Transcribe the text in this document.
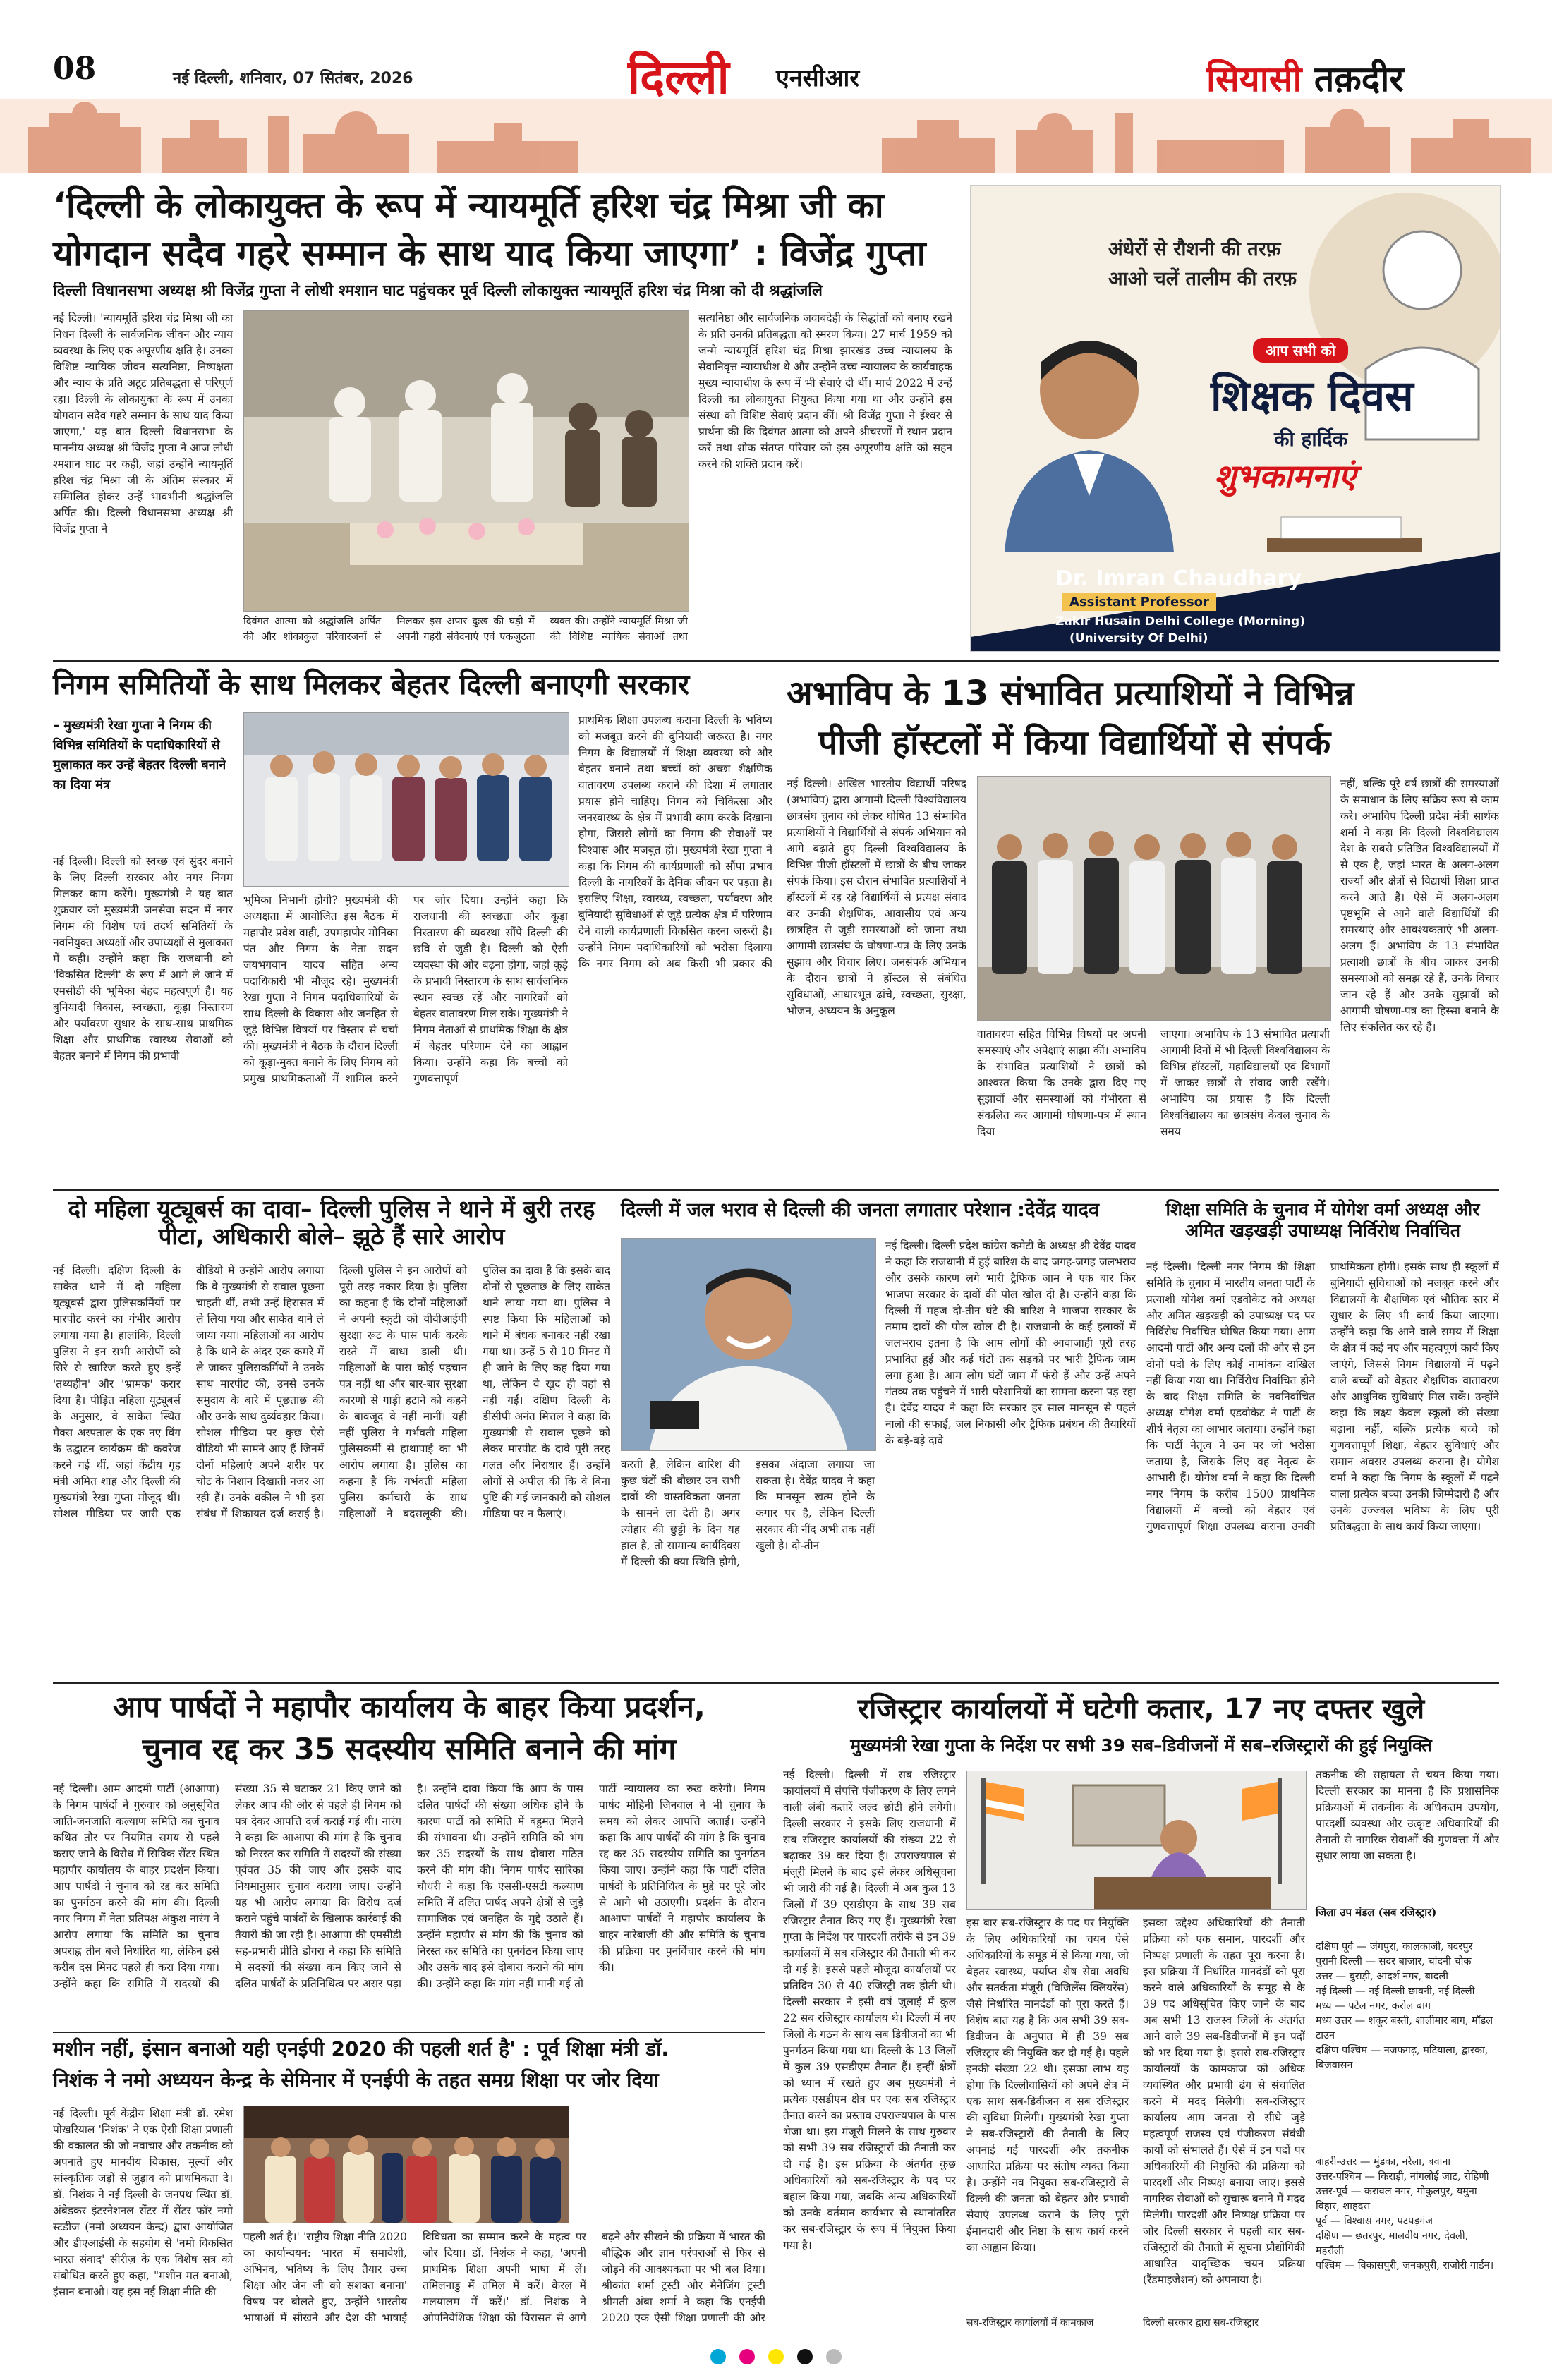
08	नई दिल्ली, शनिवार, 07 सितंबर, 2026	दिल्ली एनसीआर	सियासी तक़दीर
‘दिल्ली के लोकायुक्त के रूप में न्यायमूर्ति हरिश चंद्र मिश्रा जी का
योगदान सदैव गहरे सम्मान के साथ याद किया जाएगा’ : विजेंद्र गुप्ता
दिल्ली विधानसभा अध्यक्ष श्री विजेंद्र गुप्ता ने लोधी श्मशान घाट पहुंचकर पूर्व दिल्ली लोकायुक्त न्यायमूर्ति हरिश चंद्र मिश्रा को दी श्रद्धांजलि
नई दिल्ली। 'न्यायमूर्ति हरिश चंद्र मिश्रा जी का निधन दिल्ली के सार्वजनिक जीवन और न्याय व्यवस्था के लिए एक अपूरणीय क्षति है। उनका विशिष्ट न्यायिक जीवन सत्यनिष्ठा, निष्पक्षता और न्याय के प्रति अटूट प्रतिबद्धता से परिपूर्ण रहा। दिल्ली के लोकायुक्त के रूप में उनका योगदान सदैव गहरे सम्मान के साथ याद किया जाएगा,' यह बात दिल्ली विधानसभा के माननीय अध्यक्ष श्री विजेंद्र गुप्ता ने आज लोधी श्मशान घाट पर कही, जहां उन्होंने न्यायमूर्ति हरिश चंद्र मिश्रा जी के अंतिम संस्कार में सम्मिलित होकर उन्हें भावभीनी श्रद्धांजलि अर्पित की। दिल्ली विधानसभा अध्यक्ष श्री विजेंद्र गुप्ता ने
दिवंगत आत्मा को श्रद्धांजलि अर्पित की और शोकाकुल परिवारजनों से मिलकर इस अपार दुःख की घड़ी में अपनी गहरी संवेदनाएं एवं एकजुटता व्यक्त की। उन्होंने न्यायमूर्ति मिश्रा जी की विशिष्ट न्यायिक सेवाओं तथा
सत्यनिष्ठा और सार्वजनिक जवाबदेही के सिद्धांतों को बनाए रखने के प्रति उनकी प्रतिबद्धता को स्मरण किया। 27 मार्च 1959 को जन्मे न्यायमूर्ति हरिश चंद्र मिश्रा झारखंड उच्च न्यायालय के सेवानिवृत्त न्यायाधीश थे और उन्होंने उच्च न्यायालय के कार्यवाहक मुख्य न्यायाधीश के रूप में भी सेवाएं दी थीं। मार्च 2022 में उन्हें दिल्ली का लोकायुक्त नियुक्त किया गया था और उन्होंने इस संस्था को विशिष्ट सेवाएं प्रदान कीं। श्री विजेंद्र गुप्ता ने ईश्वर से प्रार्थना की कि दिवंगत आत्मा को अपने श्रीचरणों में स्थान प्रदान करें तथा शोक संतप्त परिवार को इस अपूरणीय क्षति को सहन करने की शक्ति प्रदान करें।
अंधेरों से रौशनी की तरफ़
आओ चलें तालीम की तरफ़
आप सभी को
शिक्षक दिवस
की हार्दिक
शुभकामनाएं
Dr. Imran Chaudhary
Assistant Professor
Zakir Husain Delhi College (Morning)
(University Of Delhi)
निगम समितियों के साथ मिलकर बेहतर दिल्ली बनाएगी सरकार
– मुख्यमंत्री रेखा गुप्ता ने निगम की विभिन्न समितियों के पदाधिकारियों से मुलाकात कर उन्हें बेहतर दिल्ली बनाने का दिया मंत्र
प्राथमिक शिक्षा उपलब्ध कराना दिल्ली के भविष्य को मजबूत करने की बुनियादी जरूरत है। नगर निगम के विद्यालयों में शिक्षा व्यवस्था को और बेहतर बनाने तथा बच्चों को अच्छा शैक्षणिक वातावरण उपलब्ध कराने की दिशा में लगातार प्रयास होने चाहिए। निगम को चिकित्सा और जनस्वास्थ्य के क्षेत्र में प्रभावी काम करके दिखाना होगा, जिससे लोगों का निगम की सेवाओं पर विश्वास और मजबूत हो। मुख्यमंत्री रेखा गुप्ता ने कहा कि निगम की कार्यप्रणाली को सौंपा प्रभाव दिल्ली के नागरिकों के दैनिक जीवन पर पड़ता है। इसलिए शिक्षा, स्वास्थ्य, स्वच्छता, पर्यावरण और बुनियादी सुविधाओं से जुड़े प्रत्येक क्षेत्र में परिणाम देने वाली कार्यप्रणाली विकसित करना जरूरी है। उन्होंने निगम पदाधिकारियों को भरोसा दिलाया कि नगर निगम को अब किसी भी प्रकार की
नई दिल्ली। दिल्ली को स्वच्छ एवं सुंदर बनाने के लिए दिल्ली सरकार और नगर निगम मिलकर काम करेंगे। मुख्यमंत्री ने यह बात शुक्रवार को मुख्यमंत्री जनसेवा सदन में नगर निगम की विशेष एवं तदर्थ समितियों के नवनियुक्त अध्यक्षों और उपाध्यक्षों से मुलाकात में कही। उन्होंने कहा कि राजधानी को 'विकसित दिल्ली' के रूप में आगे ले जाने में एमसीडी की भूमिका बेहद महत्वपूर्ण है। यह बुनियादी विकास, स्वच्छता, कूड़ा निस्तारण और पर्यावरण सुधार के साथ-साथ प्राथमिक शिक्षा और प्राथमिक स्वास्थ्य सेवाओं को बेहतर बनाने में निगम की प्रभावी
भूमिका निभानी होगी? मुख्यमंत्री की अध्यक्षता में आयोजित इस बैठक में महापौर प्रवेश वाही, उपमहापौर मोनिका पंत और निगम के नेता सदन जयभगवान यादव सहित अन्य पदाधिकारी भी मौजूद रहे। मुख्यमंत्री रेखा गुप्ता ने निगम पदाधिकारियों के साथ दिल्ली के विकास और जनहित से जुड़े विभिन्न विषयों पर विस्तार से चर्चा की। मुख्यमंत्री ने बैठक के दौरान दिल्ली को कूड़ा-मुक्त बनाने के लिए निगम को प्रमुख प्राथमिकताओं में शामिल करने पर जोर दिया। उन्होंने कहा कि राजधानी की स्वच्छता और कूड़ा निस्तारण की व्यवस्था सौंपे दिल्ली की छवि से जुड़ी है। दिल्ली को ऐसी व्यवस्था की ओर बढ़ना होगा, जहां कूड़े के प्रभावी निस्तारण के साथ सार्वजनिक स्थान स्वच्छ रहें और नागरिकों को बेहतर वातावरण मिल सके। मुख्यमंत्री ने निगम नेताओं से प्राथमिक शिक्षा के क्षेत्र में बेहतर परिणाम देने का आह्वान किया। उन्होंने कहा कि बच्चों को गुणवत्तापूर्ण
अभाविप के 13 संभावित प्रत्याशियों ने विभिन्न
पीजी हॉस्टलों में किया विद्यार्थियों से संपर्क
नई दिल्ली। अखिल भारतीय विद्यार्थी परिषद (अभाविप) द्वारा आगामी दिल्ली विश्वविद्यालय छात्रसंघ चुनाव को लेकर घोषित 13 संभावित प्रत्याशियों ने विद्यार्थियों से संपर्क अभियान को आगे बढ़ाते हुए दिल्ली विश्वविद्यालय के विभिन्न पीजी हॉस्टलों में छात्रों के बीच जाकर संपर्क किया। इस दौरान संभावित प्रत्याशियों ने हॉस्टलों में रह रहे विद्यार्थियों से प्रत्यक्ष संवाद कर उनकी शैक्षणिक, आवासीय एवं अन्य छात्रहित से जुड़ी समस्याओं को जाना तथा आगामी छात्रसंघ के घोषणा-पत्र के लिए उनके सुझाव और विचार लिए। जनसंपर्क अभियान के दौरान छात्रों ने हॉस्टल से संबंधित सुविधाओं, आधारभूत ढांचे, स्वच्छता, सुरक्षा, भोजन, अध्ययन के अनुकूल
नहीं, बल्कि पूरे वर्ष छात्रों की समस्याओं के समाधान के लिए सक्रिय रूप से काम करे। अभाविप दिल्ली प्रदेश मंत्री सार्थक शर्मा ने कहा कि दिल्ली विश्वविद्यालय देश के सबसे प्रतिष्ठित विश्वविद्यालयों में से एक है, जहां भारत के अलग-अलग राज्यों और क्षेत्रों से विद्यार्थी शिक्षा प्राप्त करने आते हैं। ऐसे में अलग-अलग पृष्ठभूमि से आने वाले विद्यार्थियों की समस्याएं और आवश्यकताएं भी अलग-अलग हैं। अभाविप के 13 संभावित प्रत्याशी छात्रों के बीच जाकर उनकी समस्याओं को समझ रहे हैं, उनके विचार जान रहे हैं और उनके सुझावों को आगामी घोषणा-पत्र का हिस्सा बनाने के लिए संकलित कर रहे हैं।
वातावरण सहित विभिन्न विषयों पर अपनी समस्याएं और अपेक्षाएं साझा कीं। अभाविप के संभावित प्रत्याशियों ने छात्रों को आश्वस्त किया कि उनके द्वारा दिए गए सुझावों और समस्याओं को गंभीरता से संकलित कर आगामी घोषणा-पत्र में स्थान दिया
जाएगा। अभाविप के 13 संभावित प्रत्याशी आगामी दिनों में भी दिल्ली विश्वविद्यालय के विभिन्न हॉस्टलों, महाविद्यालयों एवं विभागों में जाकर छात्रों से संवाद जारी रखेंगे। अभाविप का प्रयास है कि दिल्ली विश्वविद्यालय का छात्रसंघ केवल चुनाव के समय
दो महिला यूट्यूबर्स का दावा– दिल्ली पुलिस ने थाने में बुरी तरह पीटा, अधिकारी बोले– झूठे हैं सारे आरोप
नई दिल्ली। दक्षिण दिल्ली के साकेत थाने में दो महिला यूट्यूबर्स द्वारा पुलिसकर्मियों पर मारपीट करने का गंभीर आरोप लगाया गया है। हालांकि, दिल्ली पुलिस ने इन सभी आरोपों को सिरे से खारिज करते हुए इन्हें 'तथ्यहीन' और 'भ्रामक' करार दिया है। पीड़ित महिला यूट्यूबर्स के अनुसार, वे साकेत स्थित मैक्स अस्पताल के एक नए विंग के उद्घाटन कार्यक्रम की कवरेज करने गई थीं, जहां केंद्रीय गृह मंत्री अमित शाह और दिल्ली की मुख्यमंत्री रेखा गुप्ता मौजूद थीं। सोशल मीडिया पर जारी एक वीडियो में उन्होंने आरोप लगाया कि वे मुख्यमंत्री से सवाल पूछना चाहती थीं, तभी उन्हें हिरासत में ले लिया गया और साकेत थाने ले जाया गया। महिलाओं का आरोप है कि थाने के अंदर एक कमरे में ले जाकर पुलिसकर्मियों ने उनके साथ मारपीट की, उनसे उनके समुदाय के बारे में पूछताछ की और उनके साथ दुर्व्यवहार किया। सोशल मीडिया पर कुछ ऐसे वीडियो भी सामने आए हैं जिनमें दोनों महिलाएं अपने शरीर पर चोट के निशान दिखाती नजर आ रही हैं। उनके वकील ने भी इस संबंध में शिकायत दर्ज कराई है। दिल्ली पुलिस ने इन आरोपों को पूरी तरह नकार दिया है। पुलिस का कहना है कि दोनों महिलाओं ने अपनी स्कूटी को वीवीआईपी सुरक्षा रूट के पास पार्क करके रास्ते में बाधा डाली थी। महिलाओं के पास कोई पहचान पत्र नहीं था और बार-बार सुरक्षा कारणों से गाड़ी हटाने को कहने के बावजूद वे नहीं मानीं। यही नहीं पुलिस ने गर्भवती महिला पुलिसकर्मी से हाथापाई का भी आरोप लगाया है। पुलिस का कहना है कि गर्भवती महिला पुलिस कर्मचारी के साथ महिलाओं ने बदसलूकी की। पुलिस का दावा है कि इसके बाद दोनों से पूछताछ के लिए साकेत थाने लाया गया था। पुलिस ने स्पष्ट किया कि महिलाओं को थाने में बंधक बनाकर नहीं रखा गया था। उन्हें 5 से 10 मिनट में ही जाने के लिए कह दिया गया था, लेकिन वे खुद ही वहां से नहीं गईं। दक्षिण दिल्ली के डीसीपी अनंत मित्तल ने कहा कि मुख्यमंत्री से सवाल पूछने को लेकर मारपीट के दावे पूरी तरह गलत और निराधार हैं। उन्होंने लोगों से अपील की कि वे बिना पुष्टि की गई जानकारी को सोशल मीडिया पर न फैलाएं।
दिल्ली में जल भराव से दिल्ली की जनता लगातार परेशान :देवेंद्र यादव
नई दिल्ली। दिल्ली प्रदेश कांग्रेस कमेटी के अध्यक्ष श्री देवेंद्र यादव ने कहा कि राजधानी में हुई बारिश के बाद जगह-जगह जलभराव और उसके कारण लगे भारी ट्रैफिक जाम ने एक बार फिर भाजपा सरकार के दावों की पोल खोल दी है। उन्होंने कहा कि दिल्ली में महज दो-तीन घंटे की बारिश ने भाजपा सरकार के तमाम दावों की पोल खोल दी है। राजधानी के कई इलाकों में जलभराव इतना है कि आम लोगों की आवाजाही पूरी तरह प्रभावित हुई और कई घंटों तक सड़कों पर भारी ट्रैफिक जाम लगा हुआ है। आम लोग घंटों जाम में फंसे हैं और उन्हें अपने गंतव्य तक पहुंचने में भारी परेशानियों का सामना करना पड़ रहा है। देवेंद्र यादव ने कहा कि सरकार हर साल मानसून से पहले नालों की सफाई, जल निकासी और ट्रैफिक प्रबंधन की तैयारियों के बड़े-बड़े दावे
करती है, लेकिन बारिश की कुछ घंटों की बौछार उन सभी दावों की वास्तविकता जनता के सामने ला देती है। अगर त्योहार की छुट्टी के दिन यह हाल है, तो सामान्य कार्यदिवस में दिल्ली की क्या स्थिति होगी, इसका अंदाजा लगाया जा सकता है। देवेंद्र यादव ने कहा कि मानसून खत्म होने के कगार पर है, लेकिन दिल्ली सरकार की नींद अभी तक नहीं खुली है। दो-तीन
शिक्षा समिति के चुनाव में योगेश वर्मा अध्यक्ष और अमित खड़खड़ी उपाध्यक्ष निर्विरोध निर्वाचित
नई दिल्ली। दिल्ली नगर निगम की शिक्षा समिति के चुनाव में भारतीय जनता पार्टी के प्रत्याशी योगेश वर्मा एडवोकेट को अध्यक्ष और अमित खड़खड़ी को उपाध्यक्ष पद पर निर्विरोध निर्वाचित घोषित किया गया। आम आदमी पार्टी और अन्य दलों की ओर से इन दोनों पदों के लिए कोई नामांकन दाखिल नहीं किया गया था। निर्विरोध निर्वाचित होने के बाद शिक्षा समिति के नवनिर्वाचित अध्यक्ष योगेश वर्मा एडवोकेट ने पार्टी के शीर्ष नेतृत्व का आभार जताया। उन्होंने कहा कि पार्टी नेतृत्व ने उन पर जो भरोसा जताया है, जिसके लिए वह नेतृत्व के आभारी हैं। योगेश वर्मा ने कहा कि दिल्ली नगर निगम के करीब 1500 प्राथमिक विद्यालयों में बच्चों को बेहतर एवं गुणवत्तापूर्ण शिक्षा उपलब्ध कराना उनकी प्राथमिकता होगी। इसके साथ ही स्कूलों में बुनियादी सुविधाओं को मजबूत करने और विद्यालयों के शैक्षणिक एवं भौतिक स्तर में सुधार के लिए भी कार्य किया जाएगा। उन्होंने कहा कि आने वाले समय में शिक्षा के क्षेत्र में कई नए और महत्वपूर्ण कार्य किए जाएंगे, जिससे निगम विद्यालयों में पढ़ने वाले बच्चों को बेहतर शैक्षणिक वातावरण और आधुनिक सुविधाएं मिल सकें। उन्होंने कहा कि लक्ष्य केवल स्कूलों की संख्या बढ़ाना नहीं, बल्कि प्रत्येक बच्चे को गुणवत्तापूर्ण शिक्षा, बेहतर सुविधाएं और समान अवसर उपलब्ध कराना है। योगेश वर्मा ने कहा कि निगम के स्कूलों में पढ़ने वाला प्रत्येक बच्चा उनकी जिम्मेदारी है और उनके उज्ज्वल भविष्य के लिए पूरी प्रतिबद्धता के साथ कार्य किया जाएगा।
आप पार्षदों ने महापौर कार्यालय के बाहर किया प्रदर्शन,
चुनाव रद्द कर 35 सदस्यीय समिति बनाने की मांग
नई दिल्ली। आम आदमी पार्टी (आआपा) के निगम पार्षदों ने गुरुवार को अनुसूचित जाति-जनजाति कल्याण समिति का चुनाव कथित तौर पर नियमित समय से पहले कराए जाने के विरोध में सिविक सेंटर स्थित महापौर कार्यालय के बाहर प्रदर्शन किया। आप पार्षदों ने चुनाव को रद्द कर समिति का पुनर्गठन करने की मांग की। दिल्ली नगर निगम में नेता प्रतिपक्ष अंकुश नारंग ने आरोप लगाया कि समिति का चुनाव अपराह्न तीन बजे निर्धारित था, लेकिन इसे करीब दस मिनट पहले ही करा दिया गया। उन्होंने कहा कि समिति में सदस्यों की संख्या 35 से घटाकर 21 किए जाने को लेकर आप की ओर से पहले ही निगम को पत्र देकर आपत्ति दर्ज कराई गई थी। नारंग ने कहा कि आआपा की मांग है कि चुनाव को निरस्त कर समिति में सदस्यों की संख्या पूर्ववत 35 की जाए और इसके बाद नियमानुसार चुनाव कराया जाए। उन्होंने यह भी आरोप लगाया कि विरोध दर्ज कराने पहुंचे पार्षदों के खिलाफ कार्रवाई की तैयारी की जा रही है। आआपा की एमसीडी सह-प्रभारी प्रीति डोगरा ने कहा कि समिति में सदस्यों की संख्या कम किए जाने से दलित पार्षदों के प्रतिनिधित्व पर असर पड़ा है। उन्होंने दावा किया कि आप के पास दलित पार्षदों की संख्या अधिक होने के कारण पार्टी को समिति में बहुमत मिलने की संभावना थी। उन्होंने समिति को भंग कर 35 सदस्यों के साथ दोबारा गठित करने की मांग की। निगम पार्षद सारिका चौधरी ने कहा कि एससी-एसटी कल्याण समिति में दलित पार्षद अपने क्षेत्रों से जुड़े सामाजिक एवं जनहित के मुद्दे उठाते हैं। उन्होंने महापौर से मांग की कि चुनाव को निरस्त कर समिति का पुनर्गठन किया जाए और उसके बाद इसे दोबारा कराने की मांग की। उन्होंने कहा कि मांग नहीं मानी गई तो पार्टी न्यायालय का रुख करेगी। निगम पार्षद मोहिनी जिनवाल ने भी चुनाव के समय को लेकर आपत्ति जताई। उन्होंने कहा कि आप पार्षदों की मांग है कि चुनाव रद्द कर 35 सदस्यीय समिति का पुनर्गठन किया जाए। उन्होंने कहा कि पार्टी दलित पार्षदों के प्रतिनिधित्व के मुद्दे पर पूरे जोर से आगे भी उठाएगी। प्रदर्शन के दौरान आआपा पार्षदों ने महापौर कार्यालय के बाहर नारेबाजी की और समिति के चुनाव की प्रक्रिया पर पुनर्विचार करने की मांग की।
मशीन नहीं, इंसान बनाओ यही एनईपी 2020 की पहली शर्त है' : पूर्व शिक्षा मंत्री डॉ.
निशंक ने नमो अध्ययन केन्द्र के सेमिनार में एनईपी के तहत समग्र शिक्षा पर जोर दिया
नई दिल्ली। पूर्व केंद्रीय शिक्षा मंत्री डॉ. रमेश पोखरियाल 'निशंक' ने एक ऐसी शिक्षा प्रणाली की वकालत की जो नवाचार और तकनीक को अपनाते हुए मानवीय विकास, मूल्यों और सांस्कृतिक जड़ों से जुड़ाव को प्राथमिकता दे। डॉ. निशंक ने नई दिल्ली के जनपथ स्थित डॉ. अंबेडकर इंटरनेशनल सेंटर में सेंटर फॉर नमो स्टडीज (नमो अध्ययन केन्द्र) द्वारा आयोजित और डीएआईसी के सहयोग से 'नमो विकसित भारत संवाद' सीरीज़ के एक विशेष सत्र को संबोधित करते हुए कहा, "मशीन मत बनाओ, इंसान बनाओ। यह इस नई शिक्षा नीति की
पहली शर्त है।' 'राष्ट्रीय शिक्षा नीति 2020 का कार्यान्वयन: भारत में समावेशी, अभिनव, भविष्य के लिए तैयार उच्च शिक्षा और जेन जी को सशक्त बनाना' विषय पर बोलते हुए, उन्होंने भारतीय भाषाओं में सीखने और देश की भाषाई विविधता का सम्मान करने के महत्व पर जोर दिया। डॉ. निशंक ने कहा, 'अपनी प्राथमिक शिक्षा अपनी भाषा में लें। तमिलनाडु में तमिल में करें। केरल में मलयालम में करें।' डॉ. निशंक ने ओपनिवेशिक शिक्षा की विरासत से आगे बढ़ने और सीखने की प्रक्रिया में भारत की बौद्धिक और ज्ञान परंपराओं से फिर से जोड़ने की आवश्यकता पर भी बल दिया। श्रीकांत शर्मा ट्रस्टी और मैनेजिंग ट्रस्टी श्रीमती अंबा शर्मा ने कहा कि एनईपी 2020 एक ऐसी शिक्षा प्रणाली की ओर
रजिस्ट्रार कार्यालयों में घटेगी कतार, 17 नए दफ्तर खुले
मुख्यमंत्री रेखा गुप्ता के निर्देश पर सभी 39 सब–डिवीजनों में सब–रजिस्ट्रारों की हुई नियुक्ति
नई दिल्ली। दिल्ली में सब रजिस्ट्रार कार्यालयों में संपत्ति पंजीकरण के लिए लगने वाली लंबी कतारें जल्द छोटी होने लगेंगी। दिल्ली सरकार ने इसके लिए राजधानी में सब रजिस्ट्रार कार्यालयों की संख्या 22 से बढ़ाकर 39 कर दिया है। उपराज्यपाल से मंजूरी मिलने के बाद इसे लेकर अधिसूचना भी जारी की गई है। दिल्ली में अब कुल 13 जिलों में 39 एसडीएम के साथ 39 सब रजिस्ट्रार तैनात किए गए हैं। मुख्यमंत्री रेखा गुप्ता के निर्देश पर पारदर्शी तरीके से इन 39 कार्यालयों में सब रजिस्ट्रार की तैनाती भी कर दी गई है। इससे पहले मौजूदा कार्यालयों पर प्रतिदिन 30 से 40 रजिस्ट्री तक होती थी। दिल्ली सरकार ने इसी वर्ष जुलाई में कुल 22 सब रजिस्ट्रार कार्यालय थे। दिल्ली में नए जिलों के गठन के साथ सब डिवीजनों का भी पुनर्गठन किया गया था। दिल्ली के 13 जिलों में कुल 39 एसडीएम तैनात हैं। इन्हीं क्षेत्रों को ध्यान में रखते हुए अब मुख्यमंत्री ने प्रत्येक एसडीएम क्षेत्र पर एक सब रजिस्ट्रार तैनात करने का प्रस्ताव उपराज्यपाल के पास भेजा था। इस मंजूरी मिलने के साथ गुरुवार को सभी 39 सब रजिस्ट्रारों की तैनाती कर दी गई है। इस प्रक्रिया के अंतर्गत कुछ अधिकारियों को सब-रजिस्ट्रार के पद पर बहाल किया गया, जबकि अन्य अधिकारियों को उनके वर्तमान कार्यभार से स्थानांतरित कर सब-रजिस्ट्रार के रूप में नियुक्त किया गया है।
इस बार सब-रजिस्ट्रार के पद पर नियुक्ति के लिए अधिकारियों का चयन ऐसे अधिकारियों के समूह में से किया गया, जो बेहतर स्वास्थ्य, पर्याप्त शेष सेवा अवधि और सतर्कता मंजूरी (विजिलेंस क्लियरेंस) जैसे निर्धारित मानदंडों को पूरा करते हैं। विशेष बात यह है कि अब सभी 39 सब-डिवीजन के अनुपात में ही 39 सब रजिस्ट्रार की नियुक्ति कर दी गई है। पहले इनकी संख्या 22 थी। इसका लाभ यह होगा कि दिल्लीवासियों को अपने क्षेत्र में एक साथ सब-डिवीजन व सब रजिस्ट्रार की सुविधा मिलेगी। मुख्यमंत्री रेखा गुप्ता ने सब-रजिस्ट्रारों की तैनाती के लिए अपनाई गई पारदर्शी और तकनीक आधारित प्रक्रिया पर संतोष व्यक्त किया है। उन्होंने नव नियुक्त सब-रजिस्ट्रारों से दिल्ली की जनता को बेहतर और प्रभावी सेवाएं उपलब्ध कराने के लिए पूरी ईमानदारी और निष्ठा के साथ कार्य करने का आह्वान किया।
इसका उद्देश्य अधिकारियों की तैनाती प्रक्रिया को एक समान, पारदर्शी और निष्पक्ष प्रणाली के तहत पूरा करना है। इस प्रक्रिया में निर्धारित मानदंडों को पूरा करने वाले अधिकारियों के समूह से के 39 पद अधिसूचित किए जाने के बाद अब सभी 13 राजस्व जिलों के अंतर्गत आने वाले 39 सब-डिवीजनों में इन पदों को भर दिया गया है। इससे सब-रजिस्ट्रार कार्यालयों के कामकाज को अधिक व्यवस्थित और प्रभावी ढंग से संचालित करने में मदद मिलेगी। सब-रजिस्ट्रार कार्यालय आम जनता से सीधे जुड़े महत्वपूर्ण राजस्व एवं पंजीकरण संबंधी कार्यों को संभालते हैं। ऐसे में इन पदों पर अधिकारियों की नियुक्ति की प्रक्रिया को पारदर्शी और निष्पक्ष बनाया जाए। इससे नागरिक सेवाओं को सुचारू बनाने में मदद मिलेगी। पारदर्शी और निष्पक्ष प्रक्रिया पर जोर दिल्ली सरकार ने पहली बार सब-रजिस्ट्रारों की तैनाती में सूचना प्रौद्योगिकी आधारित यादृच्छिक चयन प्रक्रिया (रैंडमाइजेशन) को अपनाया है।
सब-रजिस्ट्रार कार्यालयों में कामकाज	दिल्ली सरकार द्वारा सब-रजिस्ट्रार
तकनीक की सहायता से चयन किया गया। दिल्ली सरकार का मानना है कि प्रशासनिक प्रक्रियाओं में तकनीक के अधिकतम उपयोग, पारदर्शी व्यवस्था और उत्कृष्ट अधिकारियों की तैनाती से नागरिक सेवाओं की गुणवत्ता में और सुधार लाया जा सकता है।
जिला उप मंडल (सब रजिस्ट्रार)
दक्षिण पूर्व — जंगपुरा, कालकाजी, बदरपुर
पुरानी दिल्ली — सदर बाजार, चांदनी चौक
उत्तर — बुराड़ी, आदर्श नगर, बादली
नई दिल्ली — नई दिल्ली छावनी, नई दिल्ली
मध्य — पटेल नगर, करोल बाग
मध्य उत्तर — शकूर बस्ती, शालीमार बाग, मॉडल टाउन
दक्षिण पश्चिम — नजफगढ़, मटियाला, द्वारका, बिजवासन
बाहरी-उत्तर — मुंडका, नरेला, बवाना
उत्तर-पश्चिम — किराड़ी, नांगलोई जाट, रोहिणी
उत्तर-पूर्व — करावल नगर, गोकुलपुर, यमुना विहार, शाहदरा
पूर्व — विश्वास नगर, पटपड़गंज
दक्षिण — छतरपुर, मालवीय नगर, देवली, महरौली
पश्चिम — विकासपुरी, जनकपुरी, राजौरी गार्डन।
